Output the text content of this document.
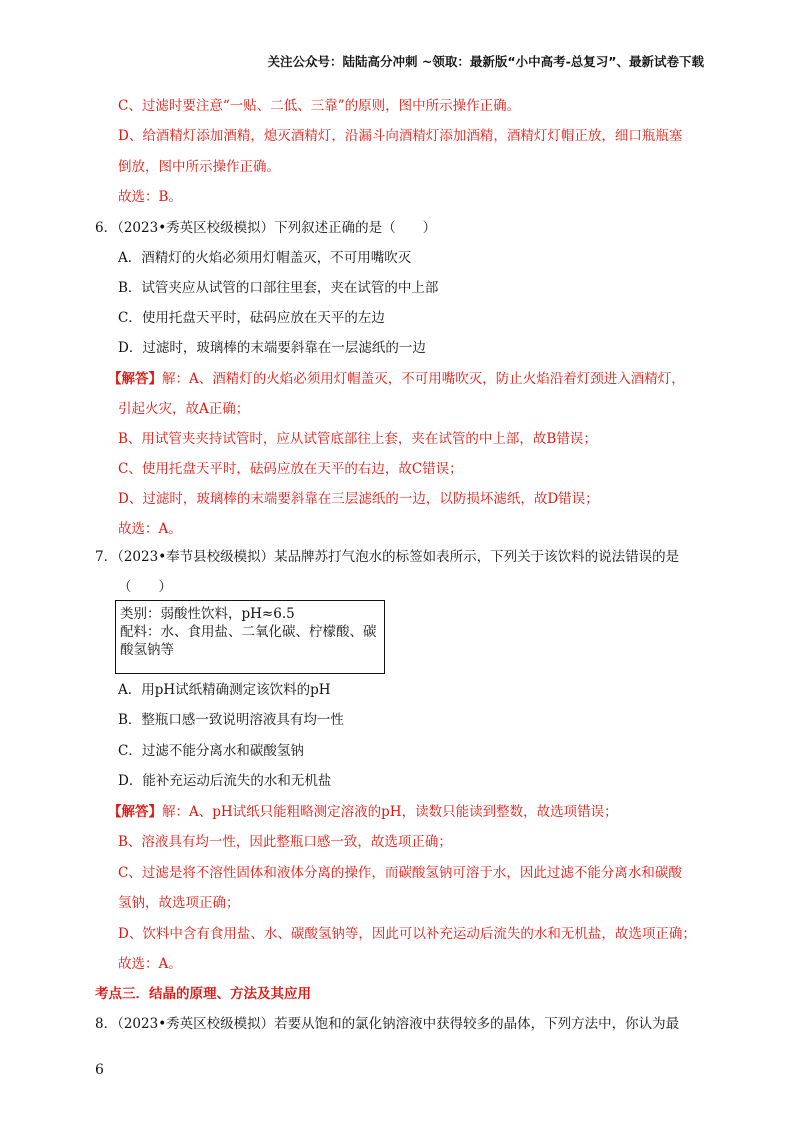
关注公众号：陆陆高分冲刺 ~领取：最新版“小中高考-总复习”、最新试卷下载
C、过滤时要注意“一贴、二低、三靠”的原则，图中所示操作正确。
D、给酒精灯添加酒精，熄灭酒精灯，沿漏斗向酒精灯添加酒精，酒精灯灯帽正放，细口瓶瓶塞
倒放，图中所示操作正确。
故选：B。
6．（2023•秀英区校级模拟）下列叙述正确的是（　　）
A．酒精灯的火焰必须用灯帽盖灭，不可用嘴吹灭
B．试管夹应从试管的口部往里套，夹在试管的中上部
C．使用托盘天平时，砝码应放在天平的左边
D．过滤时，玻璃棒的末端要斜靠在一层滤纸的一边
【解答】解：A、酒精灯的火焰必须用灯帽盖灭，不可用嘴吹灭，防止火焰沿着灯颈进入酒精灯，
引起火灾，故A正确；
B、用试管夹夹持试管时，应从试管底部往上套，夹在试管的中上部，故B错误；
C、使用托盘天平时，砝码应放在天平的右边，故C错误；
D、过滤时，玻璃棒的末端要斜靠在三层滤纸的一边，以防损坏滤纸，故D错误；
故选：A。
7．（2023•奉节县校级模拟）某品牌苏打气泡水的标签如表所示，下列关于该饮料的说法错误的是
（　　）
类别：弱酸性饮料，pH≈6.5
配料：水、食用盐、二氧化碳、柠檬酸、碳酸氢钠等
A．用pH试纸精确测定该饮料的pH
B．整瓶口感一致说明溶液具有均一性
C．过滤不能分离水和碳酸氢钠
D．能补充运动后流失的水和无机盐
【解答】解：A、pH试纸只能粗略测定溶液的pH，读数只能读到整数，故选项错误；
B、溶液具有均一性，因此整瓶口感一致，故选项正确；
C、过滤是将不溶性固体和液体分离的操作，而碳酸氢钠可溶于水，因此过滤不能分离水和碳酸
氢钠，故选项正确；
D、饮料中含有食用盐、水、碳酸氢钠等，因此可以补充运动后流失的水和无机盐，故选项正确；
故选：A。
考点三．结晶的原理、方法及其应用
8．（2023•秀英区校级模拟）若要从饱和的氯化钠溶液中获得较多的晶体，下列方法中，你认为最
6
